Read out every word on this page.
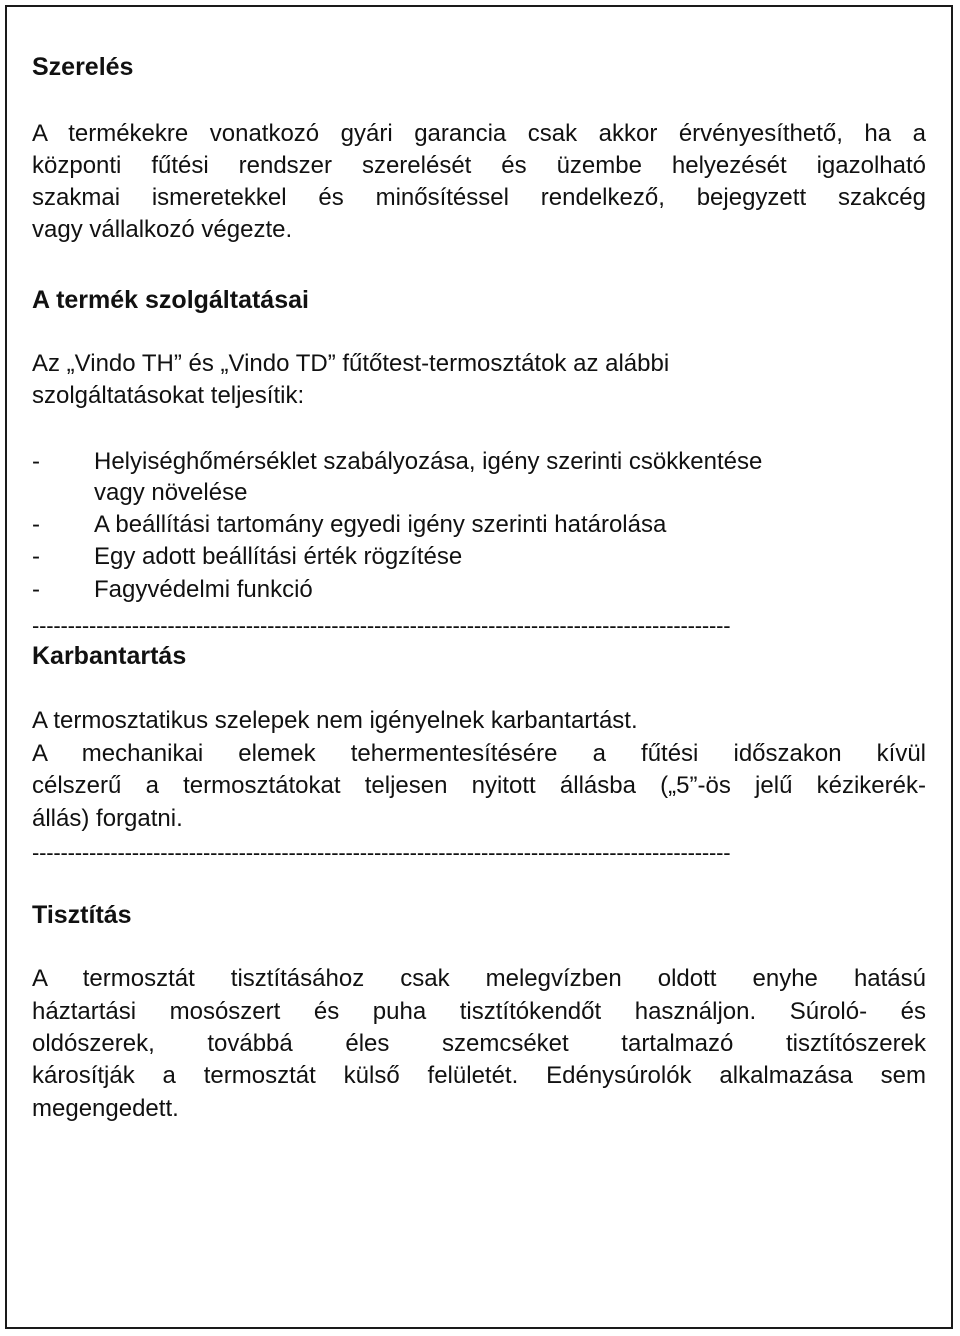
Szerelés
A termékekre vonatkozó gyári garancia csak akkor érvényesíthető, ha a
központi fűtési rendszer szerelését és üzembe helyezését igazolható
szakmai ismeretekkel és minősítéssel rendelkező, bejegyzett szakcég
vagy vállalkozó végezte.
A termék szolgáltatásai
Az „Vindo TH” és „Vindo TD” fűtőtest-termosztátok az alábbi
szolgáltatásokat teljesítik:
- Helyiséghőmérséklet szabályozása, igény szerinti csökkentése
vagy növelése
- A beállítási tartomány egyedi igény szerinti határolása
- Egy adott beállítási érték rögzítése
- Fagyvédelmi funkció
--------------------------------------------------------------------------------------------------
Karbantartás
A termosztatikus szelepek nem igényelnek karbantartást.
A mechanikai elemek tehermentesítésére a fűtési időszakon kívül
célszerű a termosztátokat teljesen nyitott állásba („5”-ös jelű kézikerék-
állás) forgatni.
--------------------------------------------------------------------------------------------------
Tisztítás
A termosztát tisztításához csak melegvízben oldott enyhe hatású
háztartási mosószert és puha tisztítókendőt használjon. Súroló- és
oldószerek, továbbá éles szemcséket tartalmazó tisztítószerek
károsítják a termosztát külső felületét. Edénysúrolók alkalmazása sem
megengedett.
